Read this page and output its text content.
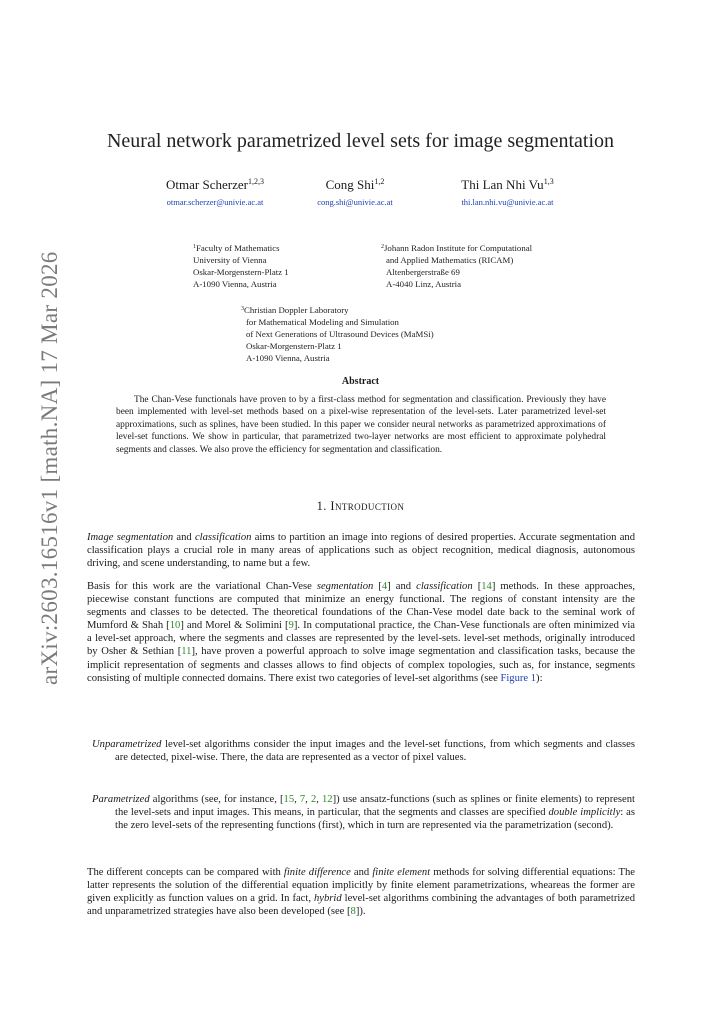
arXiv:2603.16516v1 [math.NA] 17 Mar 2026
Neural network parametrized level sets for image segmentation
Otmar Scherzer$^{1,2,3}$
otmar.scherzer@univie.ac.at
Cong Shi$^{1,2}$
cong.shi@univie.ac.at
Thi Lan Nhi Vu$^{1,3}$
thi.lan.nhi.vu@univie.ac.at
$^1$Faculty of Mathematics
University of Vienna
Oskar-Morgenstern-Platz 1
A-1090 Vienna, Austria
$^2$Johann Radon Institute for Computational
and Applied Mathematics (RICAM)
Altenbergerstraße 69
A-4040 Linz, Austria
$^3$Christian Doppler Laboratory
for Mathematical Modeling and Simulation
of Next Generations of Ultrasound Devices (MaMSi)
Oskar-Morgenstern-Platz 1
A-1090 Vienna, Austria
Abstract
The Chan-Vese functionals have proven to by a first-class method for segmentation and classification. Previously they have been implemented with level-set methods based on a pixel-wise representation of the level-sets. Later parametrized level-set approximations, such as splines, have been studied. In this paper we consider neural networks as parametrized approximations of level-set functions. We show in particular, that parametrized two-layer networks are most efficient to approximate polyhedral segments and classes. We also prove the efficiency for segmentation and classification.
1. Introduction
Image segmentation and classification aims to partition an image into regions of desired properties. Accurate segmentation and classification plays a crucial role in many areas of applications such as object recognition, medical diagnosis, autonomous driving, and scene understanding, to name but a few.
Basis for this work are the variational Chan-Vese segmentation [4] and classification [14] methods. In these approaches, piecewise constant functions are computed that minimize an energy functional. The regions of constant intensity are the segments and classes to be detected. The theoretical foundations of the Chan-Vese model date back to the seminal work of Mumford & Shah [10] and Morel & Solimini [9]. In computational practice, the Chan-Vese functionals are often minimized via a level-set approach, where the segments and classes are represented by the level-sets. level-set methods, originally introduced by Osher & Sethian [11], have proven a powerful approach to solve image segmentation and classification tasks, because the implicit representation of segments and classes allows to find objects of complex topologies, such as, for instance, segments consisting of multiple connected domains. There exist two categories of level-set algorithms (see Figure 1):
Unparametrized level-set algorithms consider the input images and the level-set functions, from which segments and classes are detected, pixel-wise. There, the data are represented as a vector of pixel values.
Parametrized algorithms (see, for instance, [15, 7, 2, 12]) use ansatz-functions (such as splines or finite elements) to represent the level-sets and input images. This means, in particular, that the segments and classes are specified double implicitly: as the zero level-sets of the representing functions (first), which in turn are represented via the parametrization (second).
The different concepts can be compared with finite difference and finite element methods for solving differential equations: The latter represents the solution of the differential equation implicitly by finite element parametrizations, wheareas the former are given explicitly as function values on a grid. In fact, hybrid level-set algorithms combining the advantages of both parametrized and unparametrized strategies have also been developed (see [8]).
